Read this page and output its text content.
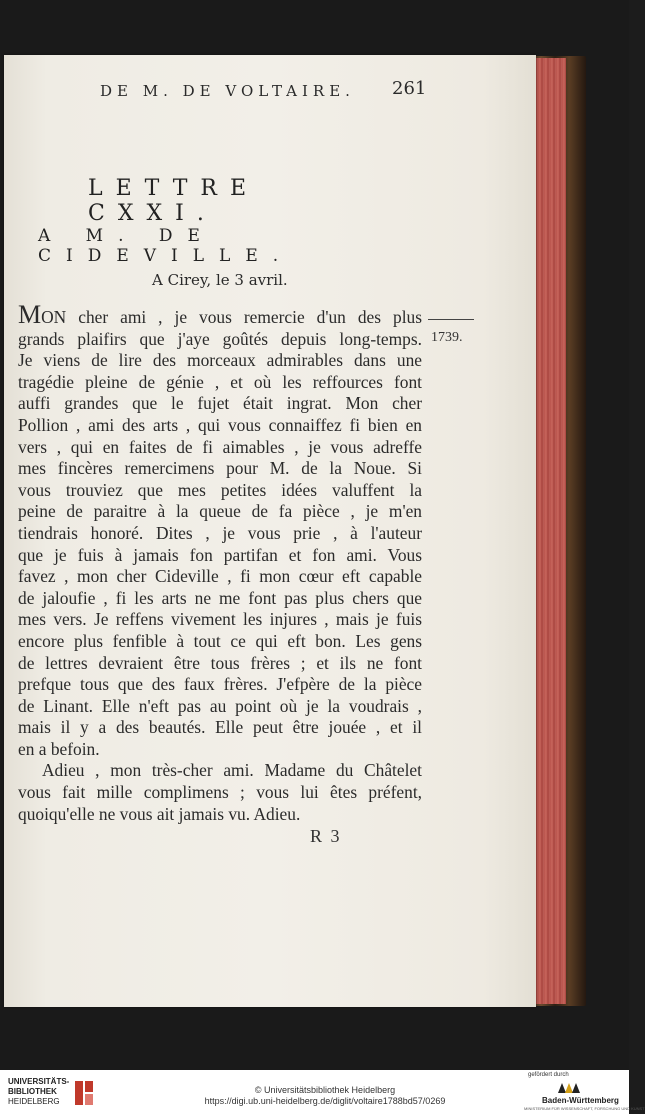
DE M. DE VOLTAIRE.	261
LETTRE CXXI.
A M. DE CIDEVILLE.
A Cirey, le 3 avril.
1739.
MON cher ami , je vous remercie d'un des plus
grands plaifirs que j'aye goûtés depuis long-temps.
Je viens de lire des morceaux admirables dans une
tragédie pleine de génie , et où les reffources font
auffi grandes que le fujet était ingrat. Mon cher
Pollion , ami des arts , qui vous connaiffez fi bien en
vers , qui en faites de fi aimables , je vous adreffe
mes fincères remercimens pour M. de la Noue. Si
vous trouviez que mes petites idées valuffent la
peine de paraitre à la queue de fa pièce , je m'en
tiendrais honoré. Dites , je vous prie , à l'auteur
que je fuis à jamais fon partifan et fon ami. Vous
favez , mon cher Cideville , fi mon cœur eft capable
de jaloufie , fi les arts ne me font pas plus chers que
mes vers. Je reffens vivement les injures , mais je fuis
encore plus fenfible à tout ce qui eft bon. Les gens
de lettres devraient être tous frères ; et ils ne font
prefque tous que des faux frères. J'efpère de la pièce
de Linant. Elle n'eft pas au point où je la voudrais ,
mais il y a des beautés. Elle peut être jouée , et il
en a befoin.
Adieu , mon très-cher ami. Madame du Châtelet
vous fait mille complimens ; vous lui êtes préfent,
quoiqu'elle ne vous ait jamais vu. Adieu.
R 3
UNIVERSITÄTS-
BIBLIOTHEK
HEIDELBERG
© Universitätsbibliothek Heidelberg
https://digi.ub.uni-heidelberg.de/diglit/voltaire1788bd57/0269
gefördert durch
Baden-Württemberg
MINISTERIUM FÜR WISSENSCHAFT, FORSCHUNG UND KUNST
